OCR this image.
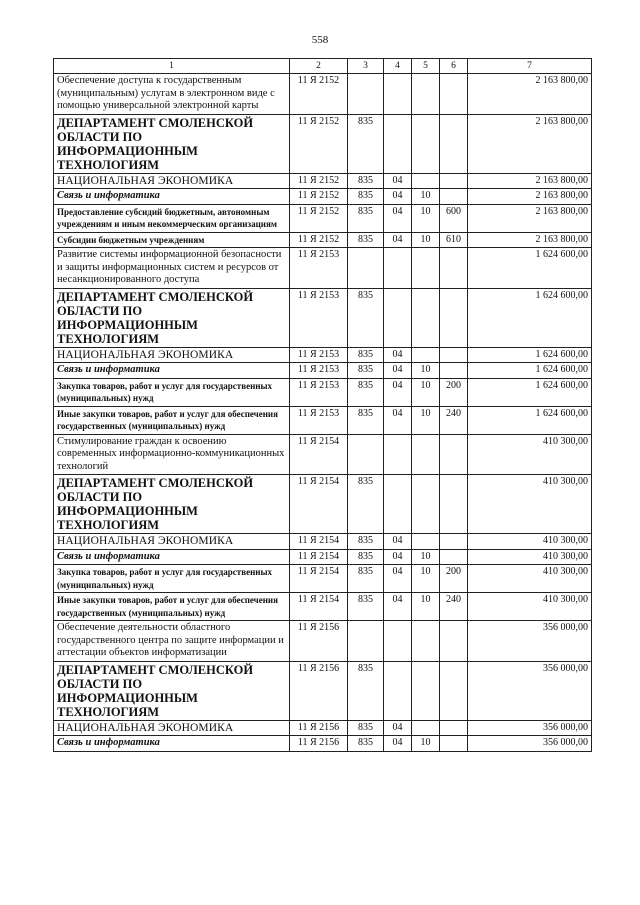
558
1	2	3	4	5	6	7
Обеспечение доступа к государственным (муниципальным) услугам в электронном виде с помощью универсальной электронной карты	11 Я 2152					2 163 800,00
ДЕПАРТАМЕНТ СМОЛЕНСКОЙ ОБЛАСТИ ПО ИНФОРМАЦИОННЫМ ТЕХНОЛОГИЯМ	11 Я 2152	835				2 163 800,00
НАЦИОНАЛЬНАЯ ЭКОНОМИКА	11 Я 2152	835	04			2 163 800,00
Связь и информатика	11 Я 2152	835	04	10		2 163 800,00
Предоставление субсидий бюджетным, автономным учреждениям и иным некоммерческим организациям	11 Я 2152	835	04	10	600	2 163 800,00
Субсидии бюджетным учреждениям	11 Я 2152	835	04	10	610	2 163 800,00
Развитие системы информационной безопасности и защиты информационных систем и ресурсов от несанкционированного доступа	11 Я 2153					1 624 600,00
ДЕПАРТАМЕНТ СМОЛЕНСКОЙ ОБЛАСТИ ПО ИНФОРМАЦИОННЫМ ТЕХНОЛОГИЯМ	11 Я 2153	835				1 624 600,00
НАЦИОНАЛЬНАЯ ЭКОНОМИКА	11 Я 2153	835	04			1 624 600,00
Связь и информатика	11 Я 2153	835	04	10		1 624 600,00
Закупка товаров, работ и услуг для государственных (муниципальных) нужд	11 Я 2153	835	04	10	200	1 624 600,00
Иные закупки товаров, работ и услуг для обеспечения государственных (муниципальных) нужд	11 Я 2153	835	04	10	240	1 624 600,00
Стимулирование граждан к освоению современных информационно-коммуникационных технологий	11 Я 2154					410 300,00
ДЕПАРТАМЕНТ СМОЛЕНСКОЙ ОБЛАСТИ ПО ИНФОРМАЦИОННЫМ ТЕХНОЛОГИЯМ	11 Я 2154	835				410 300,00
НАЦИОНАЛЬНАЯ ЭКОНОМИКА	11 Я 2154	835	04			410 300,00
Связь и информатика	11 Я 2154	835	04	10		410 300,00
Закупка товаров, работ и услуг для государственных (муниципальных) нужд	11 Я 2154	835	04	10	200	410 300,00
Иные закупки товаров, работ и услуг для обеспечения государственных (муниципальных) нужд	11 Я 2154	835	04	10	240	410 300,00
Обеспечение деятельности областного государственного центра по защите информации и аттестации объектов информатизации	11 Я 2156					356 000,00
ДЕПАРТАМЕНТ СМОЛЕНСКОЙ ОБЛАСТИ ПО ИНФОРМАЦИОННЫМ ТЕХНОЛОГИЯМ	11 Я 2156	835				356 000,00
НАЦИОНАЛЬНАЯ ЭКОНОМИКА	11 Я 2156	835	04			356 000,00
Связь и информатика	11 Я 2156	835	04	10		356 000,00
